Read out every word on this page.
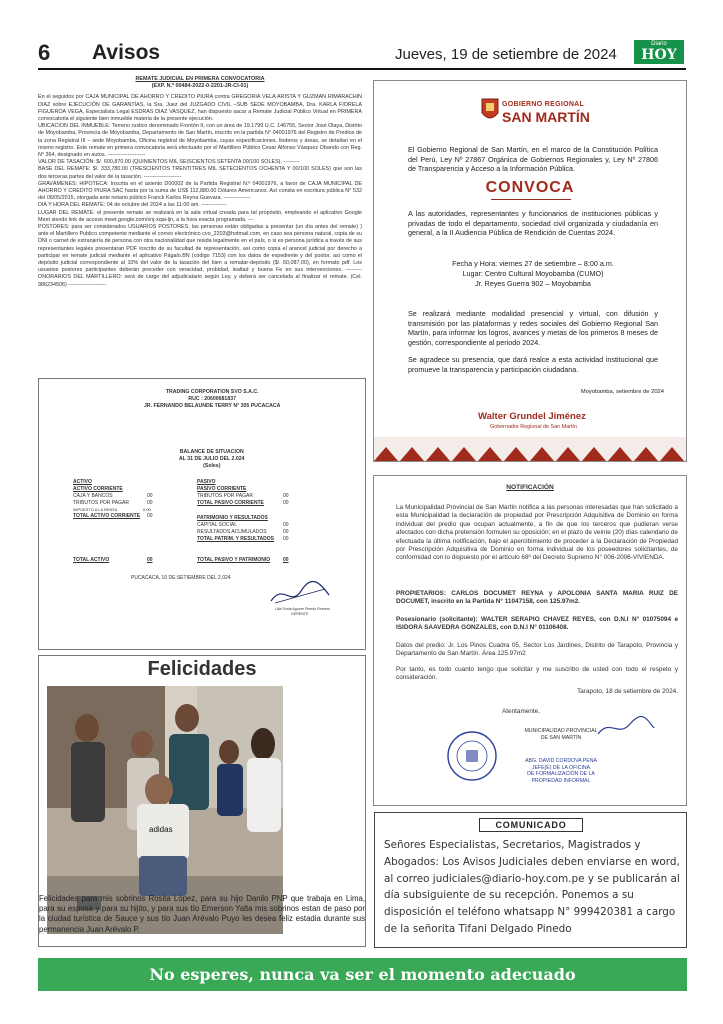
6 Avisos	Jueves, 19 de setiembre de 2024
Diario
HOY
REMATE JUDICIAL EN PRIMERA CONVOCATORIA
(EXP. N.º 00484-2022-0-2201-JR-CI-01)
En el seguidos por CAJA MUNICIPAL DE AHORRO Y CREDITO PIURA contra GREGORIA VELA ARISTA Y GUZMAN RIMARACHIN DIAZ sobre EJECUCIÓN DE GARANTÍAS, la Sra. Juez del JUZGADO CIVIL –SUB SEDE MOYOBAMBA, Dra. KARLA FIORELA FIGUEROA VEGA, Especialista Legal ESDRAS DIAZ VASQUEZ, han dispuesto sacar a Remate Judicial Público Virtual en PRIMERA convocatoria el siguiente bien inmueble materia de la presente ejecución.
UBICACION DEL INMUEBLE: Terreno rustico denominado Frontón II, con un área de 19.1799 U.C. 146755, Sector José Olaya, Distrito de Moyobamba, Provincia de Moyobamba, Departamento de San Martín, inscrito en la partida N° 04001976 del Registro de Predios de la zona Registral III – sede Moyobamba, Oficina registral de Moyobamba, cuyas especificaciones, linderos y áreas, se detallan en el mismo registro. Este remate en primera convocatoria será efectuado por el Martillero Público Cesar Alfonso Vásquez Obando con Reg. N° 364, designado en autos. ---------------------
VALOR DE TASACIÓN: $/. 600,870.00 (QUINIENTOS MIL SEISCIENTOS SETENTA 00/100 SOLES). ---------
BASE DEL REMATE: $/. 333,780.00 (TRESCIENTOS TRENTITRES MIL SETECIENTOS OCHENTA Y 00/100 SOLES) que son las dos terceras partes del valor de la tasación. ---------------------
GRAVÁMENES: HIPOTECA: Inscrita en el asiento D00002 de la Partida Registral N.º 04001976, a favor de CAJA MUNICIPAL DE AHORRO Y CREDITO PIURA SAC hasta por la suma de US$ 112,880.00 Dólares Americanos. Así consta en escritura pública N° 532 del 06/05/2015, otorgada ante notario público Franck Karlos Reyna Guevara. ---------------
DIA Y HORA DEL REMATE: 04 de octubre del 2024 a las 11:00 am. --------------
LUGAR DEL REMATE: el presente remate se realizará en la sala virtual creada para tal propósito, empleando el aplicativo Google Meet siendo link de acceso meet.google.com/xnj-xqai-ljn, a la hora exacta programada. ---
POSTORES: para ser considerados USUARIOS POSTORES, las personas están obligadas a presentar (un día antes del remate) ) ante el Martillero Publico competente mediante el correo electrónico cvo_2203@hotmail.com, en caso sea persona natural, copia de su DNI o carnet de extranjería de persona con otra nacionalidad que resida legalmente en el país, o si es persona jurídica a través de sus representantes legales presentaran PDF inscrito de su facultad de representación, así como copia el arancel judicial por derecho a participar en remate judicial mediante el aplicativo Págalo.BN (código 7153) con los datos de expediente y del postor, así como el depósito judicial correspondiente al 10% del valor de la tasación del bien a rematar-depósito ($/. 60,087.00), en formato pdf. Los usuarios postores participantes deberán proceder con veracidad, probidad, lealtad y buena Fe en sus intervenciones. ---------ONORARIOS DEL MARTILLERO: será de cargo del adjudicatario según Ley, y deberá ser cancelada al finalizar el remate. (Cel. 986234506) ---------------------
TRADING CORPORATION SVO S.A.C.
RUC : 20600681837
JR. FERNANDO BELAUNDE TERRY N° 305 PUCACACA
BALANCE DE SITUACION
AL 31 DE JULIO DEL 2.024
(Soles)
ACTIVO
ACTIVO CORRIENTE
CAJA Y BANCOS	00
TRIBUTOS POR PAGAR	00
IMPUESTO A LA RENTA	0.00
TOTAL ACTIVO CORRIENTE 00
PASIVO
PASIVO CORRIENTE
TRIBUTOS POR PAGAR	00
TOTAL PASIVO CORRIENTE	00
PATRIMONIO Y RESULTADOS
CAPITAL SOCIAL	00
RESULTADOS ACUMULADOS	00
TOTAL PATRIM. Y RESULTADOS 00
TOTAL ACTIVO	00	TOTAL PASIVO Y PATRIMONIO	00
PUCACACA, 10 DE SETIEMBRE DEL 2.024
Lilia Sonia Aguirre Pinedo Romero
GERENTE
Felicidades
adidas
Felicidades para mis sobrinos Rosita López, para su hijo Danilo PNP que trabaja en Lima, para su esposa y para su hijito, y para sus tío Emerson Yalta mis sobrinos estan de paso por la ciudad turística de Sauce y sus tío Juan Arévalo Puyo les desea feliz estadia durante sus permanencia Juan Arévalo P.
GOBIERNO REGIONAL
SAN MARTÍN
El Gobierno Regional de San Martín, en el marco de la Constitución Política del Perú, Ley Nº 27867 Orgánica de Gobiernos Regionales y, Ley Nº 27806 de Transparencia y Acceso a la Información Pública.
CONVOCA
A las autoridades, representantes y funcionarios de instituciones públicas y privadas de todo el departamento, sociedad civil organizada y ciudadanía en general, a la II Audiencia Pública de Rendición de Cuentas 2024.
Fecha y Hora: viernes 27 de setiembre – 8:00 a.m.
Lugar: Centro Cultural Moyobamba (CUMO)
Jr. Reyes Guerra 902 – Moyobamba
Se realizará mediante modalidad presencial y virtual, con difusión y transmisión por las plataformas y redes sociales del Gobierno Regional San Martín, para informar los logros, avances y metas de los primeros 8 meses de gestión, correspondiente al periodo 2024.
Se agradece su presencia, que dará realce a esta actividad institucional que promueve la transparencia y participación ciudadana.
Moyobamba, setiembre de 2024
Walter Grundel Jiménez
Gobernador Regional de San Martín
NOTIFICACIÓN
La Municipalidad Provincial de San Martín notifica a las personas interesadas que han solicitado a esta Municipalidad la declaración de propiedad por Prescripción Adquisitiva de Dominio en forma individual del predio que ocupan actualmente, a fin de que los terceros que pudieran verse afectados con dicha pretensión formulen su oposición; en el plazo de veinte (20) días calendario de efectuada la última notificación, bajo el apercibimiento de proceder a la Declaración de Propiedad por Prescripción Adquisitiva de Dominio en forma individual de los poseedores solicitantes, de conformidad con lo dispuesto por el artículo 68º del Decreto Supremo N° 006-2006-VIVIENDA.
PROPIETARIOS: CARLOS DOCUMET REYNA y APOLONIA SANTA MARIA RUIZ DE DOCUMET, inscrito en la Partida N° 11047158, con 125.97m2.
Posesionario (solicitante): WALTER SERAPIO CHAVEZ REYES, con D.N.I N° 01075094 e ISIDORA SAAVEDRA GONZALES, con D.N.I N° 01106408.
Datos del predio: Jr. Los Pinos Cuadra 05, Sector Los Jardines, Distrito de Tarapoto, Provincia y Departamento de San Martín. Área 125.97m2
Por tanto, es todo cuanto tengo que solicitar y me suscribo de usted con todo el respeto y consideración.
Tarapoto, 18 de setiembre de 2024.
Atentamente,
MUNICIPALIDAD PROVINCIAL
DE SAN MARTÍN
ABG. DAVID CORDOVA PENA
JEFE(E) DE LA OFICINA
DE FORMALIZACIÓN DE LA
PROPIEDAD INFORMAL
COMUNICADO
Señores Especialistas, Secretarios, Magistrados y Abogados: Los Avisos Judiciales deben enviarse en word, al correo judiciales@diario-hoy.com.pe y se publicarán al día subsiguiente de su recepción. Ponemos a su disposición el teléfono whatsapp N° 999420381 a cargo de la señorita Tifani Delgado Pinedo
No esperes, nunca va ser el momento adecuado
